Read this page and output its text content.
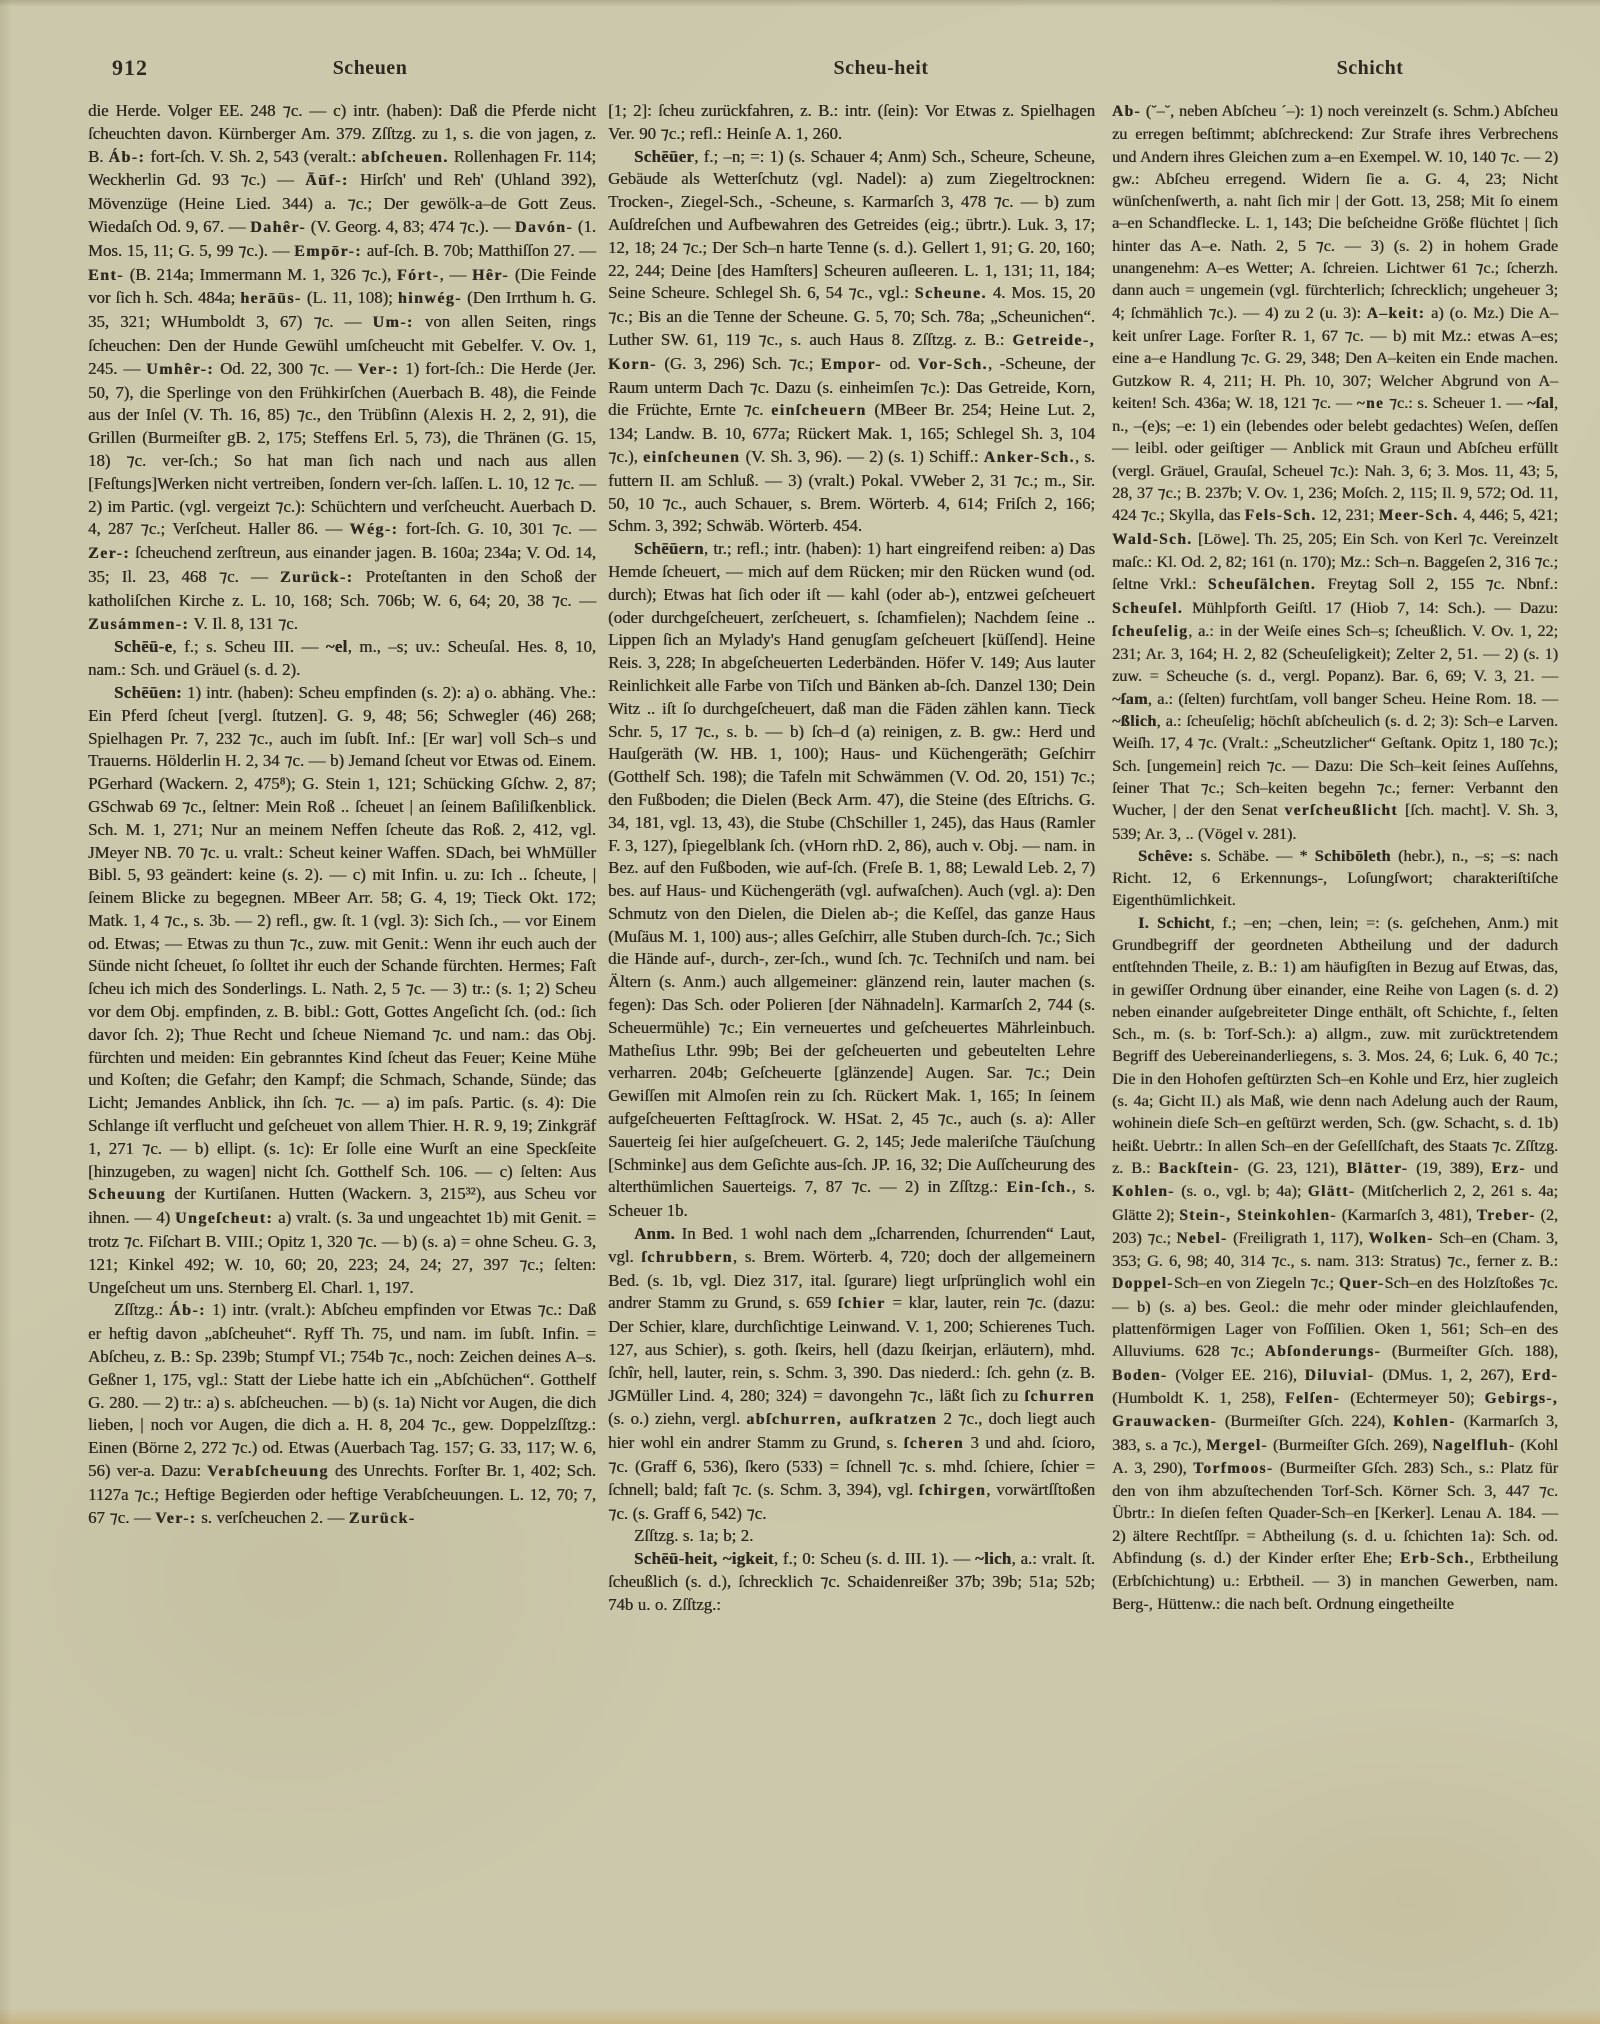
912	Scheuen	Scheu-heit	Schicht

die Herde. Volger EE. 248 ⁊c. — c) intr. (haben): Daß die Pferde nicht ſcheuchten davon. Kürnberger Am. 379. Zſſtzg. zu 1, s. die von jagen, z. B. Áb-: fort-ſch. V. Sh. 2, 543 (veralt.: abſcheuen. Rollenhagen Fr. 114; Weckherlin Gd. 93 ⁊c.) — Āūf-: Hirſch' und Reh' (Uhland 392), Mövenzüge (Heine Lied. 344) a. ⁊c.; Der gewölk-a–de Gott Zeus. Wiedaſch Od. 9, 67. — Dahêr- (V. Georg. 4, 83; 474 ⁊c.). — Davón- (1. Mos. 15, 11; G. 5, 99 ⁊c.). — Empōr-: auf-ſch. B. 70b; Matthiſſon 27. — Ent- (B. 214a; Immermann M. 1, 326 ⁊c.), Fórt-, — Hêr- (Die Feinde vor ſich h. Sch. 484a; herāūs- (L. 11, 108); hinwég- (Den Irrthum h. G. 35, 321; WHumboldt 3, 67) ⁊c. — Um-: von allen Seiten, rings ſcheuchen: Den der Hunde Gewühl umſcheucht mit Gebelfer. V. Ov. 1, 245. — Umhêr-: Od. 22, 300 ⁊c. — Ver-: 1) fort-ſch.: Die Herde (Jer. 50, 7), die Sperlinge von den Frühkirſchen (Auerbach B. 48), die Feinde aus der Inſel (V. Th. 16, 85) ⁊c., den Trübſinn (Alexis H. 2, 2, 91), die Grillen (Burmeiſter gB. 2, 175; Steffens Erl. 5, 73), die Thränen (G. 15, 18) ⁊c. ver-ſch.; So hat man ſich nach und nach aus allen [Feſtungs]Werken nicht vertreiben, ſondern ver-ſch. laſſen. L. 10, 12 ⁊c. — 2) im Partic. (vgl. vergeizt ⁊c.): Schüchtern und verſcheucht. Auerbach D. 4, 287 ⁊c.; Verſcheut. Haller 86. — Wég-: fort-ſch. G. 10, 301 ⁊c. — Zer-: ſcheuchend zerſtreun, aus einander jagen. B. 160a; 234a; V. Od. 14, 35; Il. 23, 468 ⁊c. — Zurück-: Proteſtanten in den Schoß der katholiſchen Kirche z. L. 10, 168; Sch. 706b; W. 6, 64; 20, 38 ⁊c. — Zusámmen-: V. Il. 8, 131 ⁊c.

Schēū-e, f.; s. Scheu III. — ~el, m., –s; uv.: Scheuſal. Hes. 8, 10, nam.: Sch. und Gräuel (s. d. 2).

Schēūen: 1) intr. (haben): Scheu empfinden (s. 2): a) o. abhäng. Vhe.: Ein Pferd ſcheut [vergl. ſtutzen]. G. 9, 48; 56; Schwegler (46) 268; Spielhagen Pr. 7, 232 ⁊c., auch im ſubſt. Inf.: [Er war] voll Sch–s und Trauerns. Hölderlin H. 2, 34 ⁊c. — b) Jemand ſcheut vor Etwas od. Einem. PGerhard (Wackern. 2, 475⁸); G. Stein 1, 121; Schücking Gſchw. 2, 87; GSchwab 69 ⁊c., ſeltner: Mein Roß .. ſcheuet | an ſeinem Baſiliſkenblick. Sch. M. 1, 271; Nur an meinem Neffen ſcheute das Roß. 2, 412, vgl. JMeyer NB. 70 ⁊c. u. vralt.: Scheut keiner Waffen. SDach, bei WhMüller Bibl. 5, 93 geändert: keine (s. 2). — c) mit Infin. u. zu: Ich .. ſcheute, | ſeinem Blicke zu begegnen. MBeer Arr. 58; G. 4, 19; Tieck Okt. 172; Matk. 1, 4 ⁊c., s. 3b. — 2) refl., gw. ſt. 1 (vgl. 3): Sich ſch., — vor Einem od. Etwas; — Etwas zu thun ⁊c., zuw. mit Genit.: Wenn ihr euch auch der Sünde nicht ſcheuet, ſo ſolltet ihr euch der Schande fürchten. Hermes; Faſt ſcheu ich mich des Sonderlings. L. Nath. 2, 5 ⁊c. — 3) tr.: (s. 1; 2) Scheu vor dem Obj. empfinden, z. B. bibl.: Gott, Gottes Angeſicht ſch. (od.: ſich davor ſch. 2); Thue Recht und ſcheue Niemand ⁊c. und nam.: das Obj. fürchten und meiden: Ein gebranntes Kind ſcheut das Feuer; Keine Mühe und Koſten; die Gefahr; den Kampf; die Schmach, Schande, Sünde; das Licht; Jemandes Anblick, ihn ſch. ⁊c. — a) im paſs. Partic. (s. 4): Die Schlange iſt verflucht und geſcheuet von allem Thier. H. R. 9, 19; Zinkgräf 1, 271 ⁊c. — b) ellipt. (s. 1c): Er ſolle eine Wurſt an eine Speckſeite [hinzugeben, zu wagen] nicht ſch. Gotthelf Sch. 106. — c) ſelten: Aus Scheuung der Kurtiſanen. Hutten (Wackern. 3, 215³²), aus Scheu vor ihnen. — 4) Ungeſcheut: a) vralt. (s. 3a und ungeachtet 1b) mit Genit. = trotz ⁊c. Fiſchart B. VIII.; Opitz 1, 320 ⁊c. — b) (s. a) = ohne Scheu. G. 3, 121; Kinkel 492; W. 10, 60; 20, 223; 24, 24; 27, 397 ⁊c.; ſelten: Ungeſcheut um uns. Sternberg El. Charl. 1, 197.

Zſſtzg.: Áb-: 1) intr. (vralt.): Abſcheu empfinden vor Etwas ⁊c.: Daß er heftig davon „abſcheuhet“. Ryff Th. 75, und nam. im ſubſt. Infin. = Abſcheu, z. B.: Sp. 239b; Stumpf VI.; 754b ⁊c., noch: Zeichen deines A–s. Geßner 1, 175, vgl.: Statt der Liebe hatte ich ein „Abſchüchen“. Gotthelf G. 280. — 2) tr.: a) s. abſcheuchen. — b) (s. 1a) Nicht vor Augen, die dich lieben, | noch vor Augen, die dich a. H. 8, 204 ⁊c., gew. Doppelzſſtzg.: Einen (Börne 2, 272 ⁊c.) od. Etwas (Auerbach Tag. 157; G. 33, 117; W. 6, 56) ver-a. Dazu: Verabſcheuung des Unrechts. Forſter Br. 1, 402; Sch. 1127a ⁊c.; Heftige Begierden oder heftige Verabſcheuungen. L. 12, 70; 7, 67 ⁊c. — Ver-: s. verſcheuchen 2. — Zurück-

[1; 2]: ſcheu zurückfahren, z. B.: intr. (ſein): Vor Etwas z. Spielhagen Ver. 90 ⁊c.; refl.: Heinſe A. 1, 260.

Schēūer, f.; –n; =: 1) (s. Schauer 4; Anm) Sch., Scheure, Scheune, Gebäude als Wetterſchutz (vgl. Nadel): a) zum Ziegeltrocknen: Trocken-, Ziegel-Sch., -Scheune, s. Karmarſch 3, 478 ⁊c. — b) zum Auſdreſchen und Aufbewahren des Getreides (eig.; übrtr.). Luk. 3, 17; 12, 18; 24 ⁊c.; Der Sch–n harte Tenne (s. d.). Gellert 1, 91; G. 20, 160; 22, 244; Deine [des Hamſters] Scheuren auſleeren. L. 1, 131; 11, 184; Seine Scheure. Schlegel Sh. 6, 54 ⁊c., vgl.: Scheune. 4. Mos. 15, 20 ⁊c.; Bis an die Tenne der Scheune. G. 5, 70; Sch. 78a; „Scheunichen“. Luther SW. 61, 119 ⁊c., s. auch Haus 8. Zſſtzg. z. B.: Getreide-, Korn- (G. 3, 296) Sch. ⁊c.; Empor- od. Vor-Sch., -Scheune, der Raum unterm Dach ⁊c. Dazu (s. einheimſen ⁊c.): Das Getreide, Korn, die Früchte, Ernte ⁊c. einſcheuern (MBeer Br. 254; Heine Lut. 2, 134; Landw. B. 10, 677a; Rückert Mak. 1, 165; Schlegel Sh. 3, 104 ⁊c.), einſcheunen (V. Sh. 3, 96). — 2) (s. 1) Schiff.: Anker-Sch., s. futtern II. am Schluß. — 3) (vralt.) Pokal. VWeber 2, 31 ⁊c.; m., Sir. 50, 10 ⁊c., auch Schauer, s. Brem. Wörterb. 4, 614; Friſch 2, 166; Schm. 3, 392; Schwäb. Wörterb. 454.

Schēūern, tr.; refl.; intr. (haben): 1) hart eingreifend reiben: a) Das Hemde ſcheuert, — mich auf dem Rücken; mir den Rücken wund (od. durch); Etwas hat ſich oder iſt — kahl (oder ab-), entzwei geſcheuert (oder durchgeſcheuert, zerſcheuert, s. ſchamfielen); Nachdem ſeine .. Lippen ſich an Mylady's Hand genugſam geſcheuert [küſſend]. Heine Reis. 3, 228; In abgeſcheuerten Lederbänden. Höfer V. 149; Aus lauter Reinlichkeit alle Farbe von Tiſch und Bänken ab-ſch. Danzel 130; Dein Witz .. iſt ſo durchgeſcheuert, daß man die Fäden zählen kann. Tieck Schr. 5, 17 ⁊c., s. b. — b) ſch–d (a) reinigen, z. B. gw.: Herd und Hauſgeräth (W. HB. 1, 100); Haus- und Küchengeräth; Geſchirr (Gotthelf Sch. 198); die Tafeln mit Schwämmen (V. Od. 20, 151) ⁊c.; den Fußboden; die Dielen (Beck Arm. 47), die Steine (des Eſtrichs. G. 34, 181, vgl. 13, 43), die Stube (ChSchiller 1, 245), das Haus (Ramler F. 3, 127), ſpiegelblank ſch. (vHorn rhD. 2, 86), auch v. Obj. — nam. in Bez. auf den Fußboden, wie auf-ſch. (Freſe B. 1, 88; Lewald Leb. 2, 7) bes. auf Haus- und Küchengeräth (vgl. aufwaſchen). Auch (vgl. a): Den Schmutz von den Dielen, die Dielen ab-; die Keſſel, das ganze Haus (Muſäus M. 1, 100) aus-; alles Geſchirr, alle Stuben durch-ſch. ⁊c.; Sich die Hände auf-, durch-, zer-ſch., wund ſch. ⁊c. Techniſch und nam. bei Ältern (s. Anm.) auch allgemeiner: glänzend rein, lauter machen (s. fegen): Das Sch. oder Polieren [der Nähnadeln]. Karmarſch 2, 744 (s. Scheuermühle) ⁊c.; Ein verneuertes und geſcheuertes Mährleinbuch. Matheſius Lthr. 99b; Bei der geſcheuerten und gebeutelten Lehre verharren. 204b; Geſcheuerte [glänzende] Augen. Sar. ⁊c.; Dein Gewiſſen mit Almoſen rein zu ſch. Rückert Mak. 1, 165; In ſeinem aufgeſcheuerten Feſttagſrock. W. HSat. 2, 45 ⁊c., auch (s. a): Aller Sauerteig ſei hier auſgeſcheuert. G. 2, 145; Jede maleriſche Täuſchung [Schminke] aus dem Geſichte aus-ſch. JP. 16, 32; Die Auſſcheurung des alterthümlichen Sauerteigs. 7, 87 ⁊c. — 2) in Zſſtzg.: Ein-ſch., s. Scheuer 1b.

Anm. In Bed. 1 wohl nach dem „ſcharrenden, ſchurrenden“ Laut, vgl. ſchrubbern, s. Brem. Wörterb. 4, 720; doch der allgemeinern Bed. (s. 1b, vgl. Diez 317, ital. ſgurare) liegt urſprünglich wohl ein andrer Stamm zu Grund, s. 659 ſchier = klar, lauter, rein ⁊c. (dazu: Der Schier, klare, durchſichtige Leinwand. V. 1, 200; Schierenes Tuch. 127, aus Schier), s. goth. ſkeirs, hell (dazu ſkeirjan, erläutern), mhd. ſchîr, hell, lauter, rein, s. Schm. 3, 390. Das niederd.: ſch. gehn (z. B. JGMüller Lind. 4, 280; 324) = davongehn ⁊c., läßt ſich zu ſchurren (s. o.) ziehn, vergl. abſchurren, auſkratzen 2 ⁊c., doch liegt auch hier wohl ein andrer Stamm zu Grund, s. ſcheren 3 und ahd. ſcioro, ⁊c. (Graff 6, 536), ſkero (533) = ſchnell ⁊c. s. mhd. ſchiere, ſchier = ſchnell; bald; faſt ⁊c. (s. Schm. 3, 394), vgl. ſchirgen, vorwärtſſtoßen ⁊c. (s. Graff 6, 542) ⁊c.

Zſſtzg. s. 1a; b; 2.

Schēū-heit, ~igkeit, f.; 0: Scheu (s. d. III. 1). — ~lich, a.: vralt. ſt. ſcheußlich (s. d.), ſchrecklich ⁊c. Schaidenreißer 37b; 39b; 51a; 52b; 74b u. o. Zſſtzg.:

Ab- (˘–˘, neben Abſcheu ´–): 1) noch vereinzelt (s. Schm.) Abſcheu zu erregen beſtimmt; abſchreckend: Zur Strafe ihres Verbrechens und Andern ihres Gleichen zum a–en Exempel. W. 10, 140 ⁊c. — 2) gw.: Abſcheu erregend. Widern ſie a. G. 4, 23; Nicht wünſchenſwerth, a. naht ſich mir | der Gott. 13, 258; Mit ſo einem a–en Schandflecke. L. 1, 143; Die beſcheidne Größe flüchtet | ſich hinter das A–e. Nath. 2, 5 ⁊c. — 3) (s. 2) in hohem Grade unangenehm: A–es Wetter; A. ſchreien. Lichtwer 61 ⁊c.; ſcherzh. dann auch = ungemein (vgl. fürchterlich; ſchrecklich; ungeheuer 3; 4; ſchmählich ⁊c.). — 4) zu 2 (u. 3): A–keit: a) (o. Mz.) Die A–keit unſrer Lage. Forſter R. 1, 67 ⁊c. — b) mit Mz.: etwas A–es; eine a–e Handlung ⁊c. G. 29, 348; Den A–keiten ein Ende machen. Gutzkow R. 4, 211; H. Ph. 10, 307; Welcher Abgrund von A–keiten! Sch. 436a; W. 18, 121 ⁊c. — ~ne ⁊c.: s. Scheuer 1. — ~ſal, n., –(e)s; –e: 1) ein (lebendes oder belebt gedachtes) Weſen, deſſen — leibl. oder geiſtiger — Anblick mit Graun und Abſcheu erfüllt (vergl. Gräuel, Grauſal, Scheuel ⁊c.): Nah. 3, 6; 3. Mos. 11, 43; 5, 28, 37 ⁊c.; B. 237b; V. Ov. 1, 236; Moſch. 2, 115; Il. 9, 572; Od. 11, 424 ⁊c.; Skylla, das Fels-Sch. 12, 231; Meer-Sch. 4, 446; 5, 421; Wald-Sch. [Löwe]. Th. 25, 205; Ein Sch. von Kerl ⁊c. Vereinzelt maſc.: Kl. Od. 2, 82; 161 (n. 170); Mz.: Sch–n. Baggeſen 2, 316 ⁊c.; ſeltne Vrkl.: Scheuſälchen. Freytag Soll 2, 155 ⁊c. Nbnf.: Scheuſel. Mühlpforth Geiſtl. 17 (Hiob 7, 14: Sch.). — Dazu: ſcheuſelig, a.: in der Weiſe eines Sch–s; ſcheußlich. V. Ov. 1, 22; 231; Ar. 3, 164; H. 2, 82 (Scheuſeligkeit); Zelter 2, 51. — 2) (s. 1) zuw. = Scheuche (s. d., vergl. Popanz). Bar. 6, 69; V. 3, 21. — ~ſam, a.: (ſelten) furchtſam, voll banger Scheu. Heine Rom. 18. — ~ßlich, a.: ſcheuſelig; höchſt abſcheulich (s. d. 2; 3): Sch–e Larven. Weiſh. 17, 4 ⁊c. (Vralt.: „Scheutzlicher“ Geſtank. Opitz 1, 180 ⁊c.); Sch. [ungemein] reich ⁊c. — Dazu: Die Sch–keit ſeines Auſſehns, ſeiner That ⁊c.; Sch–keiten begehn ⁊c.; ferner: Verbannt den Wucher, | der den Senat verſcheußlicht [ſch. macht]. V. Sh. 3, 539; Ar. 3, .. (Vögel v. 281).

Schêve: s. Schäbe. — * Schibōleth (hebr.), n., –s; –s: nach Richt. 12, 6 Erkennungs-, Loſungſwort; charakteriſtiſche Eigenthümlichkeit.

I. Schicht, f.; –en; –chen, lein; =: (s. geſchehen, Anm.) mit Grundbegriff der geordneten Abtheilung und der dadurch entſtehnden Theile, z. B.: 1) am häufigſten in Bezug auf Etwas, das, in gewiſſer Ordnung über einander, eine Reihe von Lagen (s. d. 2) neben einander auſgebreiteter Dinge enthält, oft Schichte, f., ſelten Sch., m. (s. b: Torf-Sch.): a) allgm., zuw. mit zurücktretendem Begriff des Uebereinanderliegens, s. 3. Mos. 24, 6; Luk. 6, 40 ⁊c.; Die in den Hohofen geſtürzten Sch–en Kohle und Erz, hier zugleich (s. 4a; Gicht II.) als Maß, wie denn nach Adelung auch der Raum, wohinein dieſe Sch–en geſtürzt werden, Sch. (gw. Schacht, s. d. 1b) heißt. Uebrtr.: In allen Sch–en der Geſellſchaft, des Staats ⁊c. Zſſtzg. z. B.: Backſtein- (G. 23, 121), Blätter- (19, 389), Erz- und Kohlen- (s. o., vgl. b; 4a); Glätt- (Mitſcherlich 2, 2, 261 s. 4a; Glätte 2); Stein-, Steinkohlen- (Karmarſch 3, 481), Treber- (2, 203) ⁊c.; Nebel- (Freiligrath 1, 117), Wolken- Sch–en (Cham. 3, 353; G. 6, 98; 40, 314 ⁊c., s. nam. 313: Stratus) ⁊c., ferner z. B.: Doppel-Sch–en von Ziegeln ⁊c.; Quer-Sch–en des Holzſtoßes ⁊c. — b) (s. a) bes. Geol.: die mehr oder minder gleichlaufenden, plattenförmigen Lager von Foſſilien. Oken 1, 561; Sch–en des Alluviums. 628 ⁊c.; Abſonderungs- (Burmeiſter Gſch. 188), Boden- (Volger EE. 216), Diluvial- (DMus. 1, 2, 267), Erd- (Humboldt K. 1, 258), Felſen- (Echtermeyer 50); Gebirgs-, Grauwacken- (Burmeiſter Gſch. 224), Kohlen- (Karmarſch 3, 383, s. a ⁊c.), Mergel- (Burmeiſter Gſch. 269), Nagelfluh- (Kohl A. 3, 290), Torfmoos- (Burmeiſter Gſch. 283) Sch., s.: Platz für den von ihm abzuſtechenden Torf-Sch. Körner Sch. 3, 447 ⁊c. Übrtr.: In dieſen feſten Quader-Sch–en [Kerker]. Lenau A. 184. — 2) ältere Rechtſſpr. = Abtheilung (s. d. u. ſchichten 1a): Sch. od. Abfindung (s. d.) der Kinder erſter Ehe; Erb-Sch., Erbtheilung (Erbſchichtung) u.: Erbtheil. — 3) in manchen Gewerben, nam. Berg-, Hüttenw.: die nach beſt. Ordnung eingetheilte
